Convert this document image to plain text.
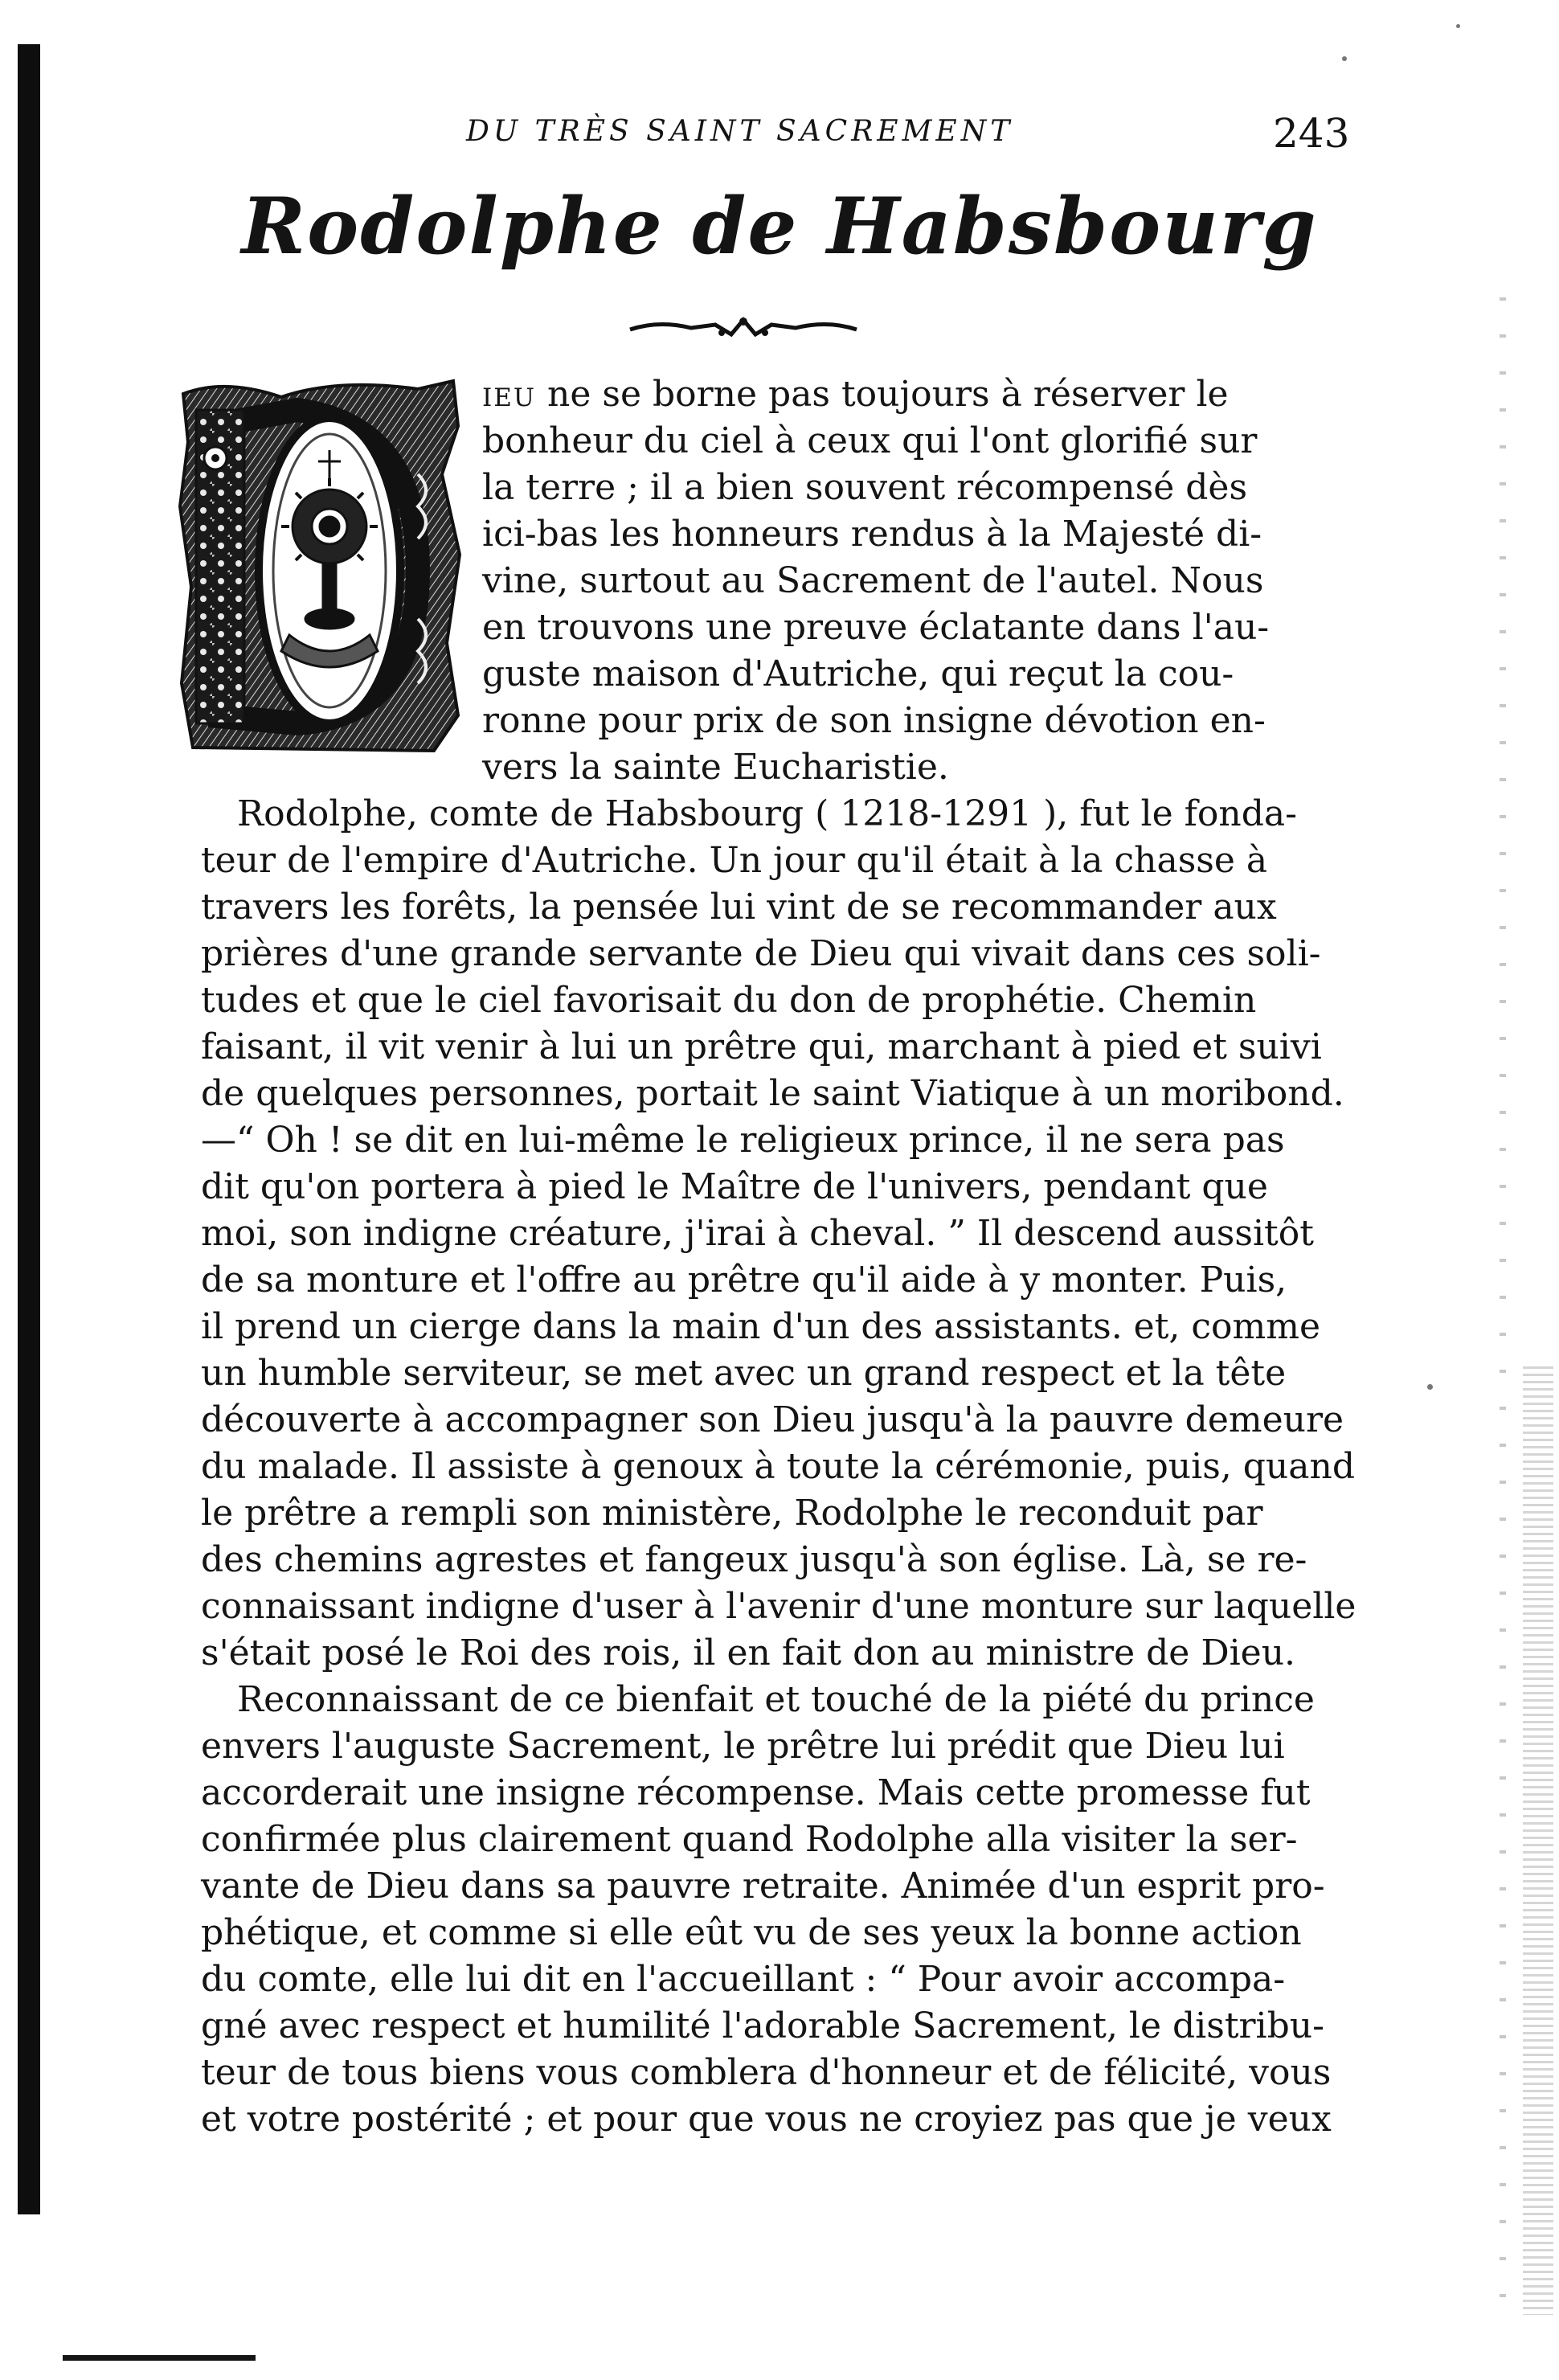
DU TRÈS SAINT SACREMENT	243
Rodolphe de Habsbourg
ieu ne se borne pas toujours à réserver le
bonheur du ciel à ceux qui l'ont glorifié sur
la terre ; il a bien souvent récompensé dès
ici-bas les honneurs rendus à la Majesté di-
vine, surtout au Sacrement de l'autel. Nous
en trouvons une preuve éclatante dans l'au-
guste maison d'Autriche, qui reçut la cou-
ronne pour prix de son insigne dévotion en-
vers la sainte Eucharistie.
Rodolphe, comte de Habsbourg ( 1218-1291 ), fut le fonda-
teur de l'empire d'Autriche. Un jour qu'il était à la chasse à
travers les forêts, la pensée lui vint de se recommander aux
prières d'une grande servante de Dieu qui vivait dans ces soli-
tudes et que le ciel favorisait du don de prophétie. Chemin
faisant, il vit venir à lui un prêtre qui, marchant à pied et suivi
de quelques personnes, portait le saint Viatique à un moribond.
—“ Oh ! se dit en lui-même le religieux prince, il ne sera pas
dit qu'on portera à pied le Maître de l'univers, pendant que
moi, son indigne créature, j'irai à cheval. ” Il descend aussitôt
de sa monture et l'offre au prêtre qu'il aide à y monter. Puis,
il prend un cierge dans la main d'un des assistants. et, comme
un humble serviteur, se met avec un grand respect et la tête
découverte à accompagner son Dieu jusqu'à la pauvre demeure
du malade. Il assiste à genoux à toute la cérémonie, puis, quand
le prêtre a rempli son ministère, Rodolphe le reconduit par
des chemins agrestes et fangeux jusqu'à son église. Là, se re-
connaissant indigne d'user à l'avenir d'une monture sur laquelle
s'était posé le Roi des rois, il en fait don au ministre de Dieu.
Reconnaissant de ce bienfait et touché de la piété du prince
envers l'auguste Sacrement, le prêtre lui prédit que Dieu lui
accorderait une insigne récompense. Mais cette promesse fut
confirmée plus clairement quand Rodolphe alla visiter la ser-
vante de Dieu dans sa pauvre retraite. Animée d'un esprit pro-
phétique, et comme si elle eût vu de ses yeux la bonne action
du comte, elle lui dit en l'accueillant : “ Pour avoir accompa-
gné avec respect et humilité l'adorable Sacrement, le distribu-
teur de tous biens vous comblera d'honneur et de félicité, vous
et votre postérité ; et pour que vous ne croyiez pas que je veux
